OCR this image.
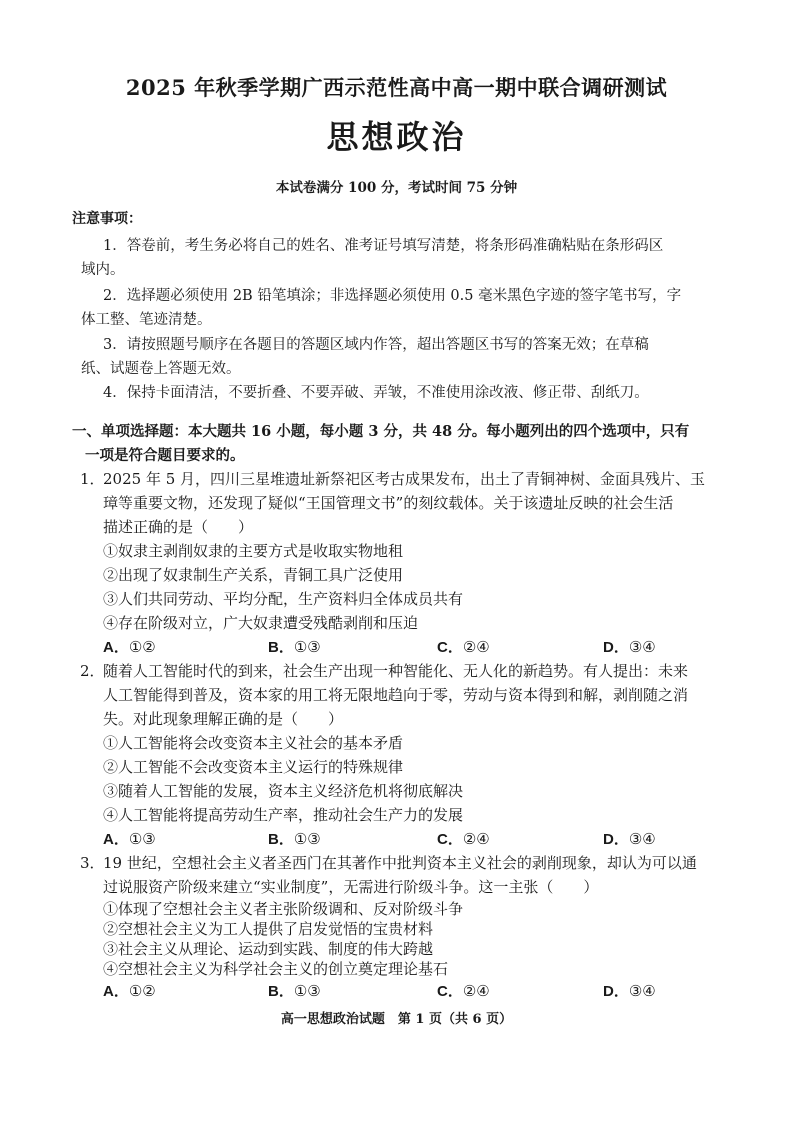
2025 年秋季学期广西示范性高中高一期中联合调研测试
思想政治
本试卷满分 100 分，考试时间 75 分钟
注意事项：
1．答卷前，考生务必将自己的姓名、准考证号填写清楚，将条形码准确粘贴在条形码区
域内。
2．选择题必须使用 2B 铅笔填涂；非选择题必须使用 0.5 毫米黑色字迹的签字笔书写，字
体工整、笔迹清楚。
3．请按照题号顺序在各题目的答题区域内作答，超出答题区书写的答案无效；在草稿
纸、试题卷上答题无效。
4．保持卡面清洁，不要折叠、不要弄破、弄皱，不准使用涂改液、修正带、刮纸刀。
一、单项选择题：本大题共 16 小题，每小题 3 分，共 48 分。每小题列出的四个选项中，只有
一项是符合题目要求的。
1．
2025 年 5 月，四川三星堆遗址新祭祀区考古成果发布，出土了青铜神树、金面具残片、玉
璋等重要文物，还发现了疑似“王国管理文书”的刻纹载体。关于该遗址反映的社会生活
描述正确的是（　　）
①奴隶主剥削奴隶的主要方式是收取实物地租
②出现了奴隶制生产关系，青铜工具广泛使用
③人们共同劳动、平均分配，生产资料归全体成员共有
④存在阶级对立，广大奴隶遭受残酷剥削和压迫
A．①②	B．①③	C．②④	D．③④
2．
随着人工智能时代的到来，社会生产出现一种智能化、无人化的新趋势。有人提出：未来
人工智能得到普及，资本家的用工将无限地趋向于零，劳动与资本得到和解，剥削随之消
失。对此现象理解正确的是（　　）
①人工智能将会改变资本主义社会的基本矛盾
②人工智能不会改变资本主义运行的特殊规律
③随着人工智能的发展，资本主义经济危机将彻底解决
④人工智能将提高劳动生产率，推动社会生产力的发展
A．①③	B．①③	C．②④	D．③④
3．
19 世纪，空想社会主义者圣西门在其著作中批判资本主义社会的剥削现象，却认为可以通
过说服资产阶级来建立“实业制度”，无需进行阶级斗争。这一主张（　　）
①体现了空想社会主义者主张阶级调和、反对阶级斗争
②空想社会主义为工人提供了启发觉悟的宝贵材料
③社会主义从理论、运动到实践、制度的伟大跨越
④空想社会主义为科学社会主义的创立奠定理论基石
高一思想政治试题　第 1 页（共 6 页）
A．①②	B．①③	C．②④	D．③④
